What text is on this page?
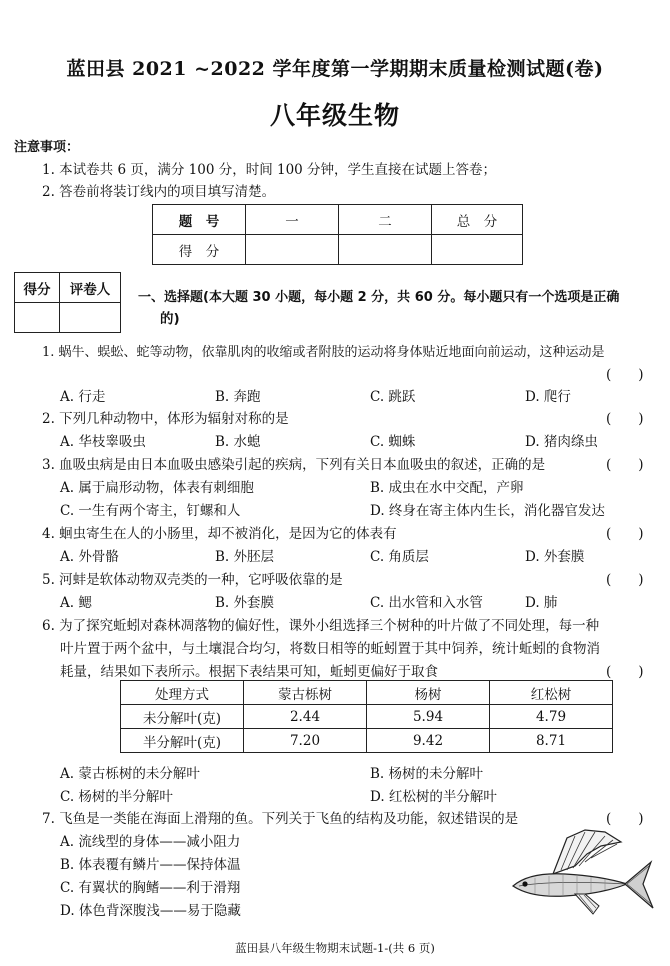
蓝田县 2021 ~2022 学年度第一学期期末质量检测试题(卷)
八年级生物
注意事项：
1. 本试卷共 6 页，满分 100 分，时间 100 分钟，学生直接在试题上答卷；
2. 答卷前将装订线内的项目填写清楚。
题　号	一	二	总　分
得　分			
得分	评卷人
	一、选择题(本大题 30 小题，每小题 2 分，共 60 分。每小题只有一个选项是正确
的)
1. 蜗牛、蜈蚣、蛇等动物，依靠肌肉的收缩或者附肢的运动将身体贴近地面向前运动，这种运动是
(　　)
A. 行走	B. 奔跑	C. 跳跃	D. 爬行
2. 下列几种动物中，体形为辐射对称的是	(　　)
A. 华枝睾吸虫	B. 水螅	C. 蜘蛛	D. 猪肉绦虫
3. 血吸虫病是由日本血吸虫感染引起的疾病，下列有关日本血吸虫的叙述，正确的是	(　　)
A. 属于扁形动物，体表有刺细胞	B. 成虫在水中交配，产卵
C. 一生有两个寄主，钉螺和人	D. 终身在寄主体内生长，消化器官发达
4. 蛔虫寄生在人的小肠里，却不被消化，是因为它的体表有	(　　)
A. 外骨骼	B. 外胚层	C. 角质层	D. 外套膜
5. 河蚌是软体动物双壳类的一种，它呼吸依靠的是	(　　)
A. 鳃	B. 外套膜	C. 出水管和入水管	D. 肺
6. 为了探究蚯蚓对森林凋落物的偏好性，课外小组选择三个树种的叶片做了不同处理，每一种
叶片置于两个盆中，与土壤混合均匀，将数日相等的蚯蚓置于其中饲养，统计蚯蚓的食物消
耗量，结果如下表所示。根据下表结果可知，蚯蚓更偏好于取食	(　　)
处理方式	蒙古栎树	杨树	红松树
未分解叶(克)	2.44	5.94	4.79
半分解叶(克)	7.20	9.42	8.71
A. 蒙古栎树的未分解叶	B. 杨树的未分解叶
C. 杨树的半分解叶	D. 红松树的半分解叶
7. 飞鱼是一类能在海面上滑翔的鱼。下列关于飞鱼的结构及功能，叙述错误的是	(　　)
A. 流线型的身体——减小阻力
B. 体表覆有鳞片——保持体温
C. 有翼状的胸鳍——利于滑翔
D. 体色背深腹浅——易于隐藏
蓝田县八年级生物期末试题-1-(共 6 页)
